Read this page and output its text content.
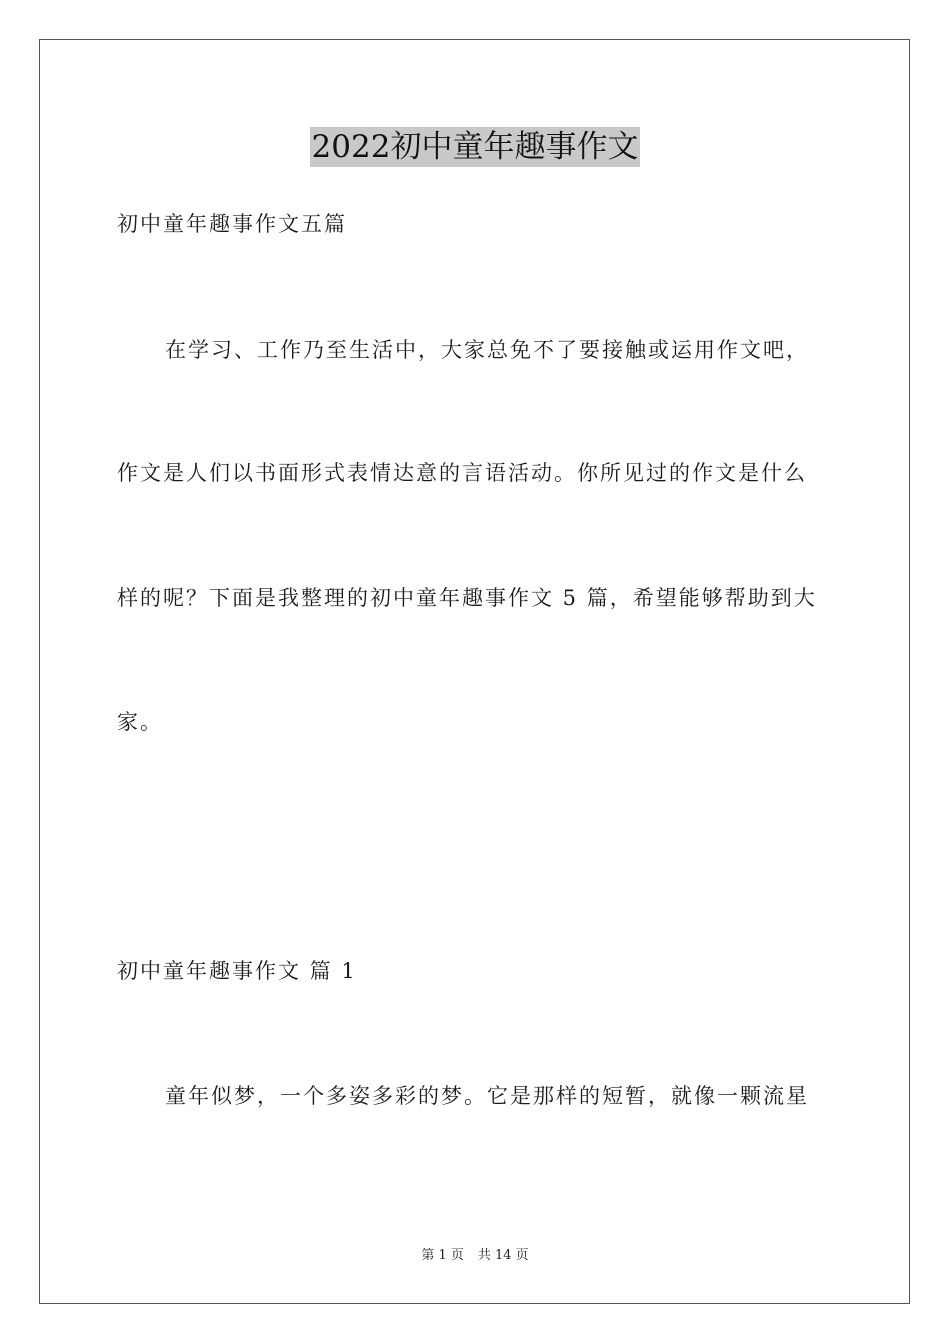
2022初中童年趣事作文
初中童年趣事作文五篇
在学习、工作乃至生活中，大家总免不了要接触或运用作文吧，
作文是人们以书面形式表情达意的言语活动。你所见过的作文是什么
样的呢？下面是我整理的初中童年趣事作文 5 篇，希望能够帮助到大
家。
初中童年趣事作文 篇 1
童年似梦，一个多姿多彩的梦。它是那样的短暂，就像一颗流星
第 1 页 共 14 页
